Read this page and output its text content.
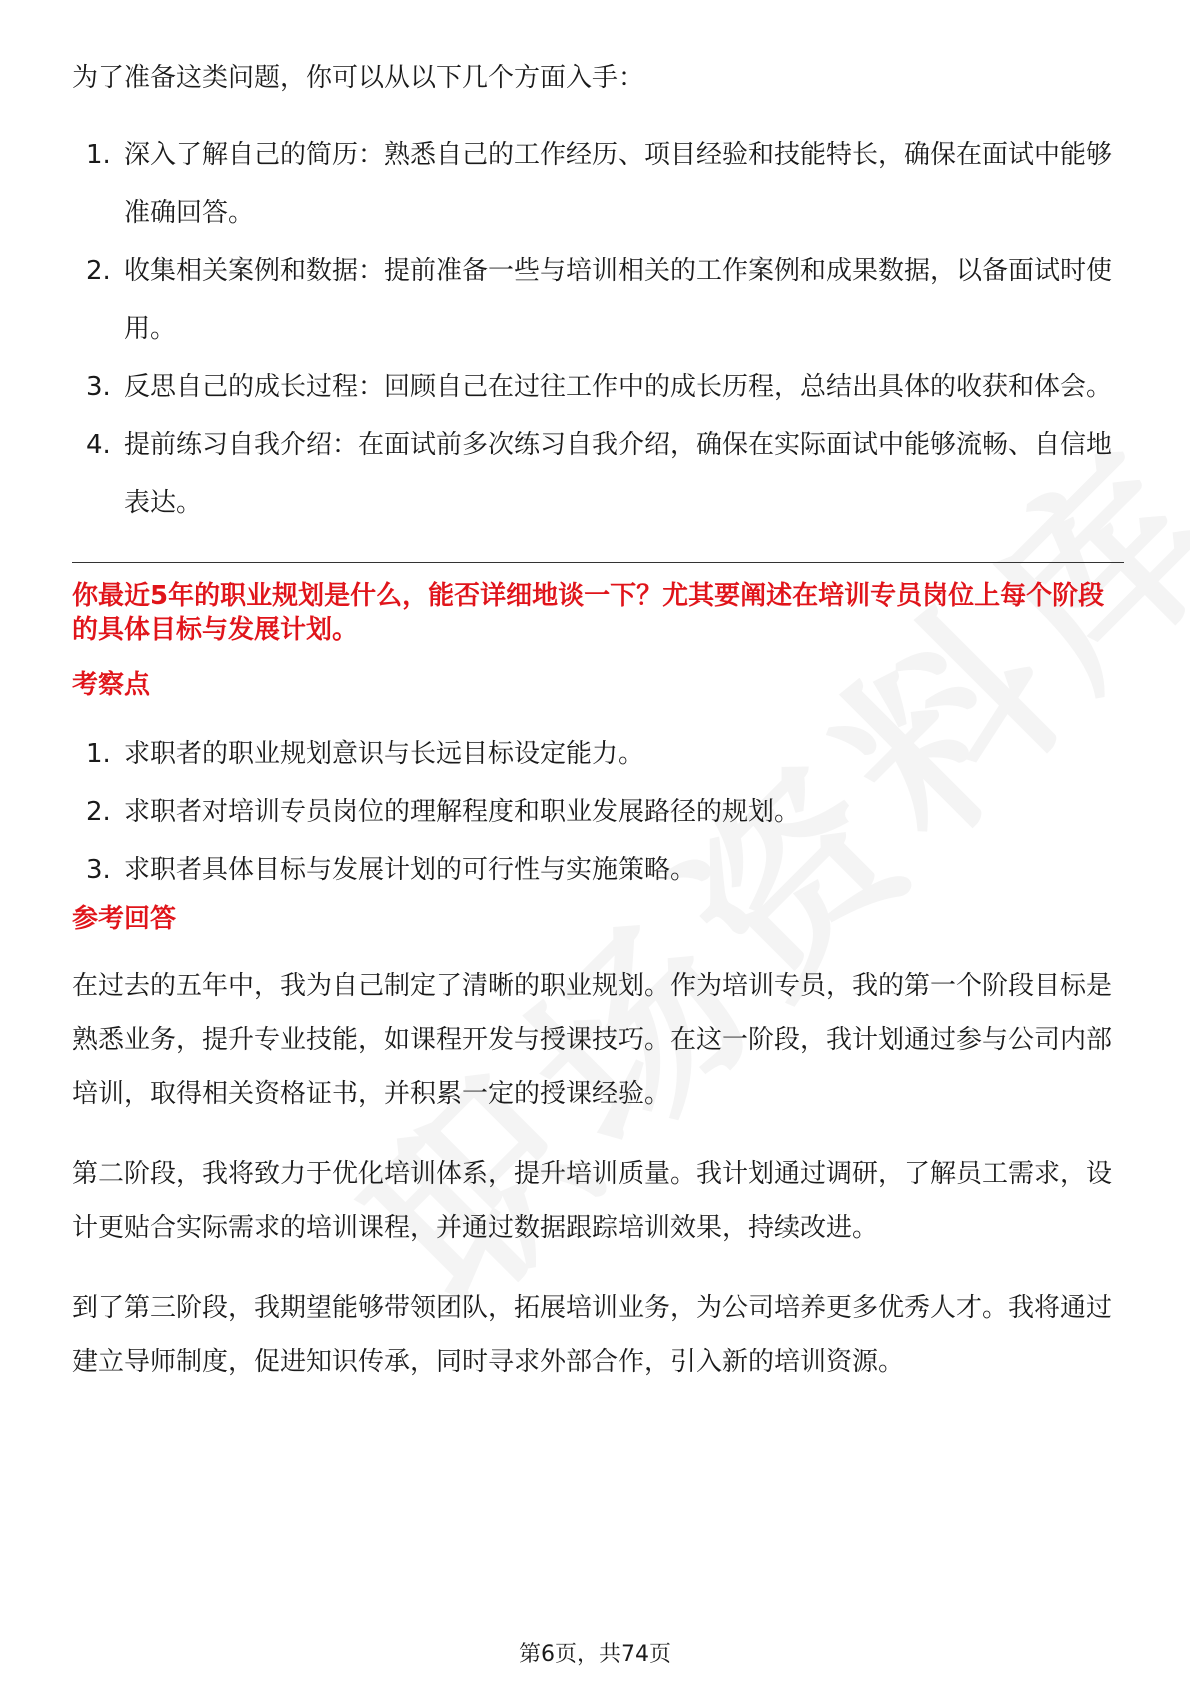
为了准备这类问题，你可以从以下几个方面入手：

1. 深入了解自己的简历：熟悉自己的工作经历、项目经验和技能特长，确保在面试中能够准确回答。
2. 收集相关案例和数据：提前准备一些与培训相关的工作案例和成果数据，以备面试时使用。
3. 反思自己的成长过程：回顾自己在过往工作中的成长历程，总结出具体的收获和体会。
4. 提前练习自我介绍：在面试前多次练习自我介绍，确保在实际面试中能够流畅、自信地表达。

你最近5年的职业规划是什么，能否详细地谈一下？尤其要阐述在培训专员岗位上每个阶段的具体目标与发展计划。

考察点

1. 求职者的职业规划意识与长远目标设定能力。
2. 求职者对培训专员岗位的理解程度和职业发展路径的规划。
3. 求职者具体目标与发展计划的可行性与实施策略。

参考回答

在过去的五年中，我为自己制定了清晰的职业规划。作为培训专员，我的第一个阶段目标是熟悉业务，提升专业技能，如课程开发与授课技巧。在这一阶段，我计划通过参与公司内部培训，取得相关资格证书，并积累一定的授课经验。

第二阶段，我将致力于优化培训体系，提升培训质量。我计划通过调研，了解员工需求，设计更贴合实际需求的培训课程，并通过数据跟踪培训效果，持续改进。

到了第三阶段，我期望能够带领团队，拓展培训业务，为公司培养更多优秀人才。我将通过建立导师制度，促进知识传承，同时寻求外部合作，引入新的培训资源。

第6页，共74页
